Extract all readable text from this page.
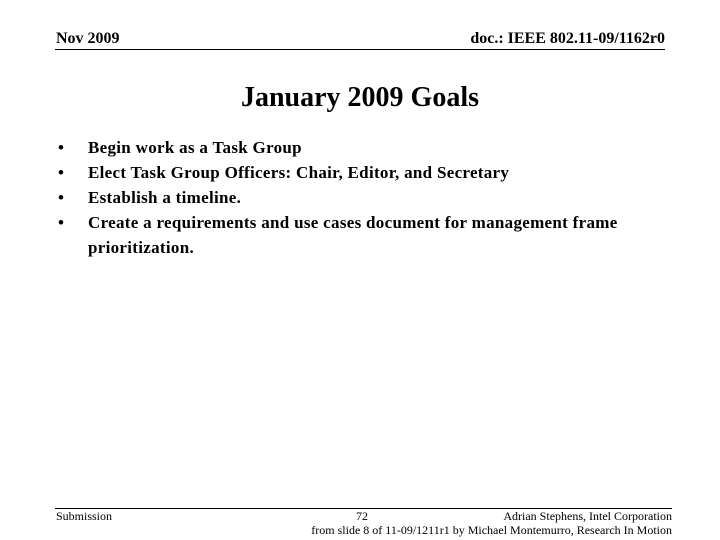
Nov 2009	doc.: IEEE 802.11-09/1162r0
January 2009 Goals
•	Begin work as a Task Group
•	Elect Task Group Officers: Chair, Editor, and Secretary
•	Establish a timeline.
•	Create a requirements and use cases document for management frame prioritization.
Submission	72	Adrian Stephens, Intel Corporation
from slide 8 of 11-09/1211r1 by Michael Montemurro, Research In Motion
